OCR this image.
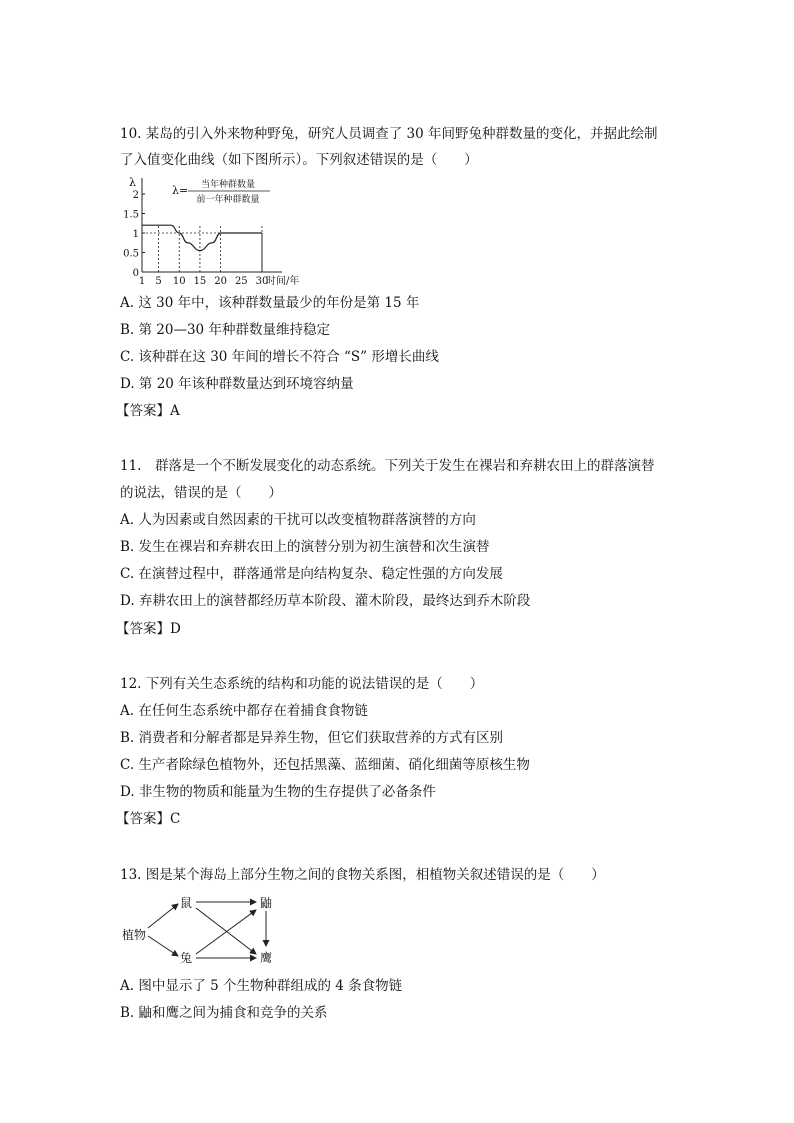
10. 某岛的引入外来物种野兔，研究人员调查了 30 年间野兔种群数量的变化，并据此绘制
了入值变化曲线（如下图所示）。下列叙述错误的是（　　）
λ
时间/年
0
0.5
1
1.5
2
1 5 10 15 20 25 30
λ= 当年种群数量
前一年种群数量
A. 这 30 年中，该种群数量最少的年份是第 15 年
B. 第 20—30 年种群数量维持稳定
C. 该种群在这 30 年间的增长不符合 “S” 形增长曲线
D. 第 20 年该种群数量达到环境容纳量
【答案】A
11.　群落是一个不断发展变化的动态系统。下列关于发生在裸岩和弃耕农田上的群落演替
的说法，错误的是（　　）
A. 人为因素或自然因素的干扰可以改变植物群落演替的方向
B. 发生在裸岩和弃耕农田上的演替分别为初生演替和次生演替
C. 在演替过程中，群落通常是向结构复杂、稳定性强的方向发展
D. 弃耕农田上的演替都经历草本阶段、灌木阶段，最终达到乔木阶段
【答案】D
12. 下列有关生态系统的结构和功能的说法错误的是（　　）
A. 在任何生态系统中都存在着捕食食物链
B. 消费者和分解者都是异养生物，但它们获取营养的方式有区别
C. 生产者除绿色植物外，还包括黑藻、蓝细菌、硝化细菌等原核生物
D. 非生物的物质和能量为生物的生存提供了必备条件
【答案】C
13. 图是某个海岛上部分生物之间的食物关系图，相植物关叙述错误的是（　　）
植物
鼠
兔
鼬
鹰
A. 图中显示了 5 个生物种群组成的 4 条食物链
B. 鼬和鹰之间为捕食和竞争的关系
